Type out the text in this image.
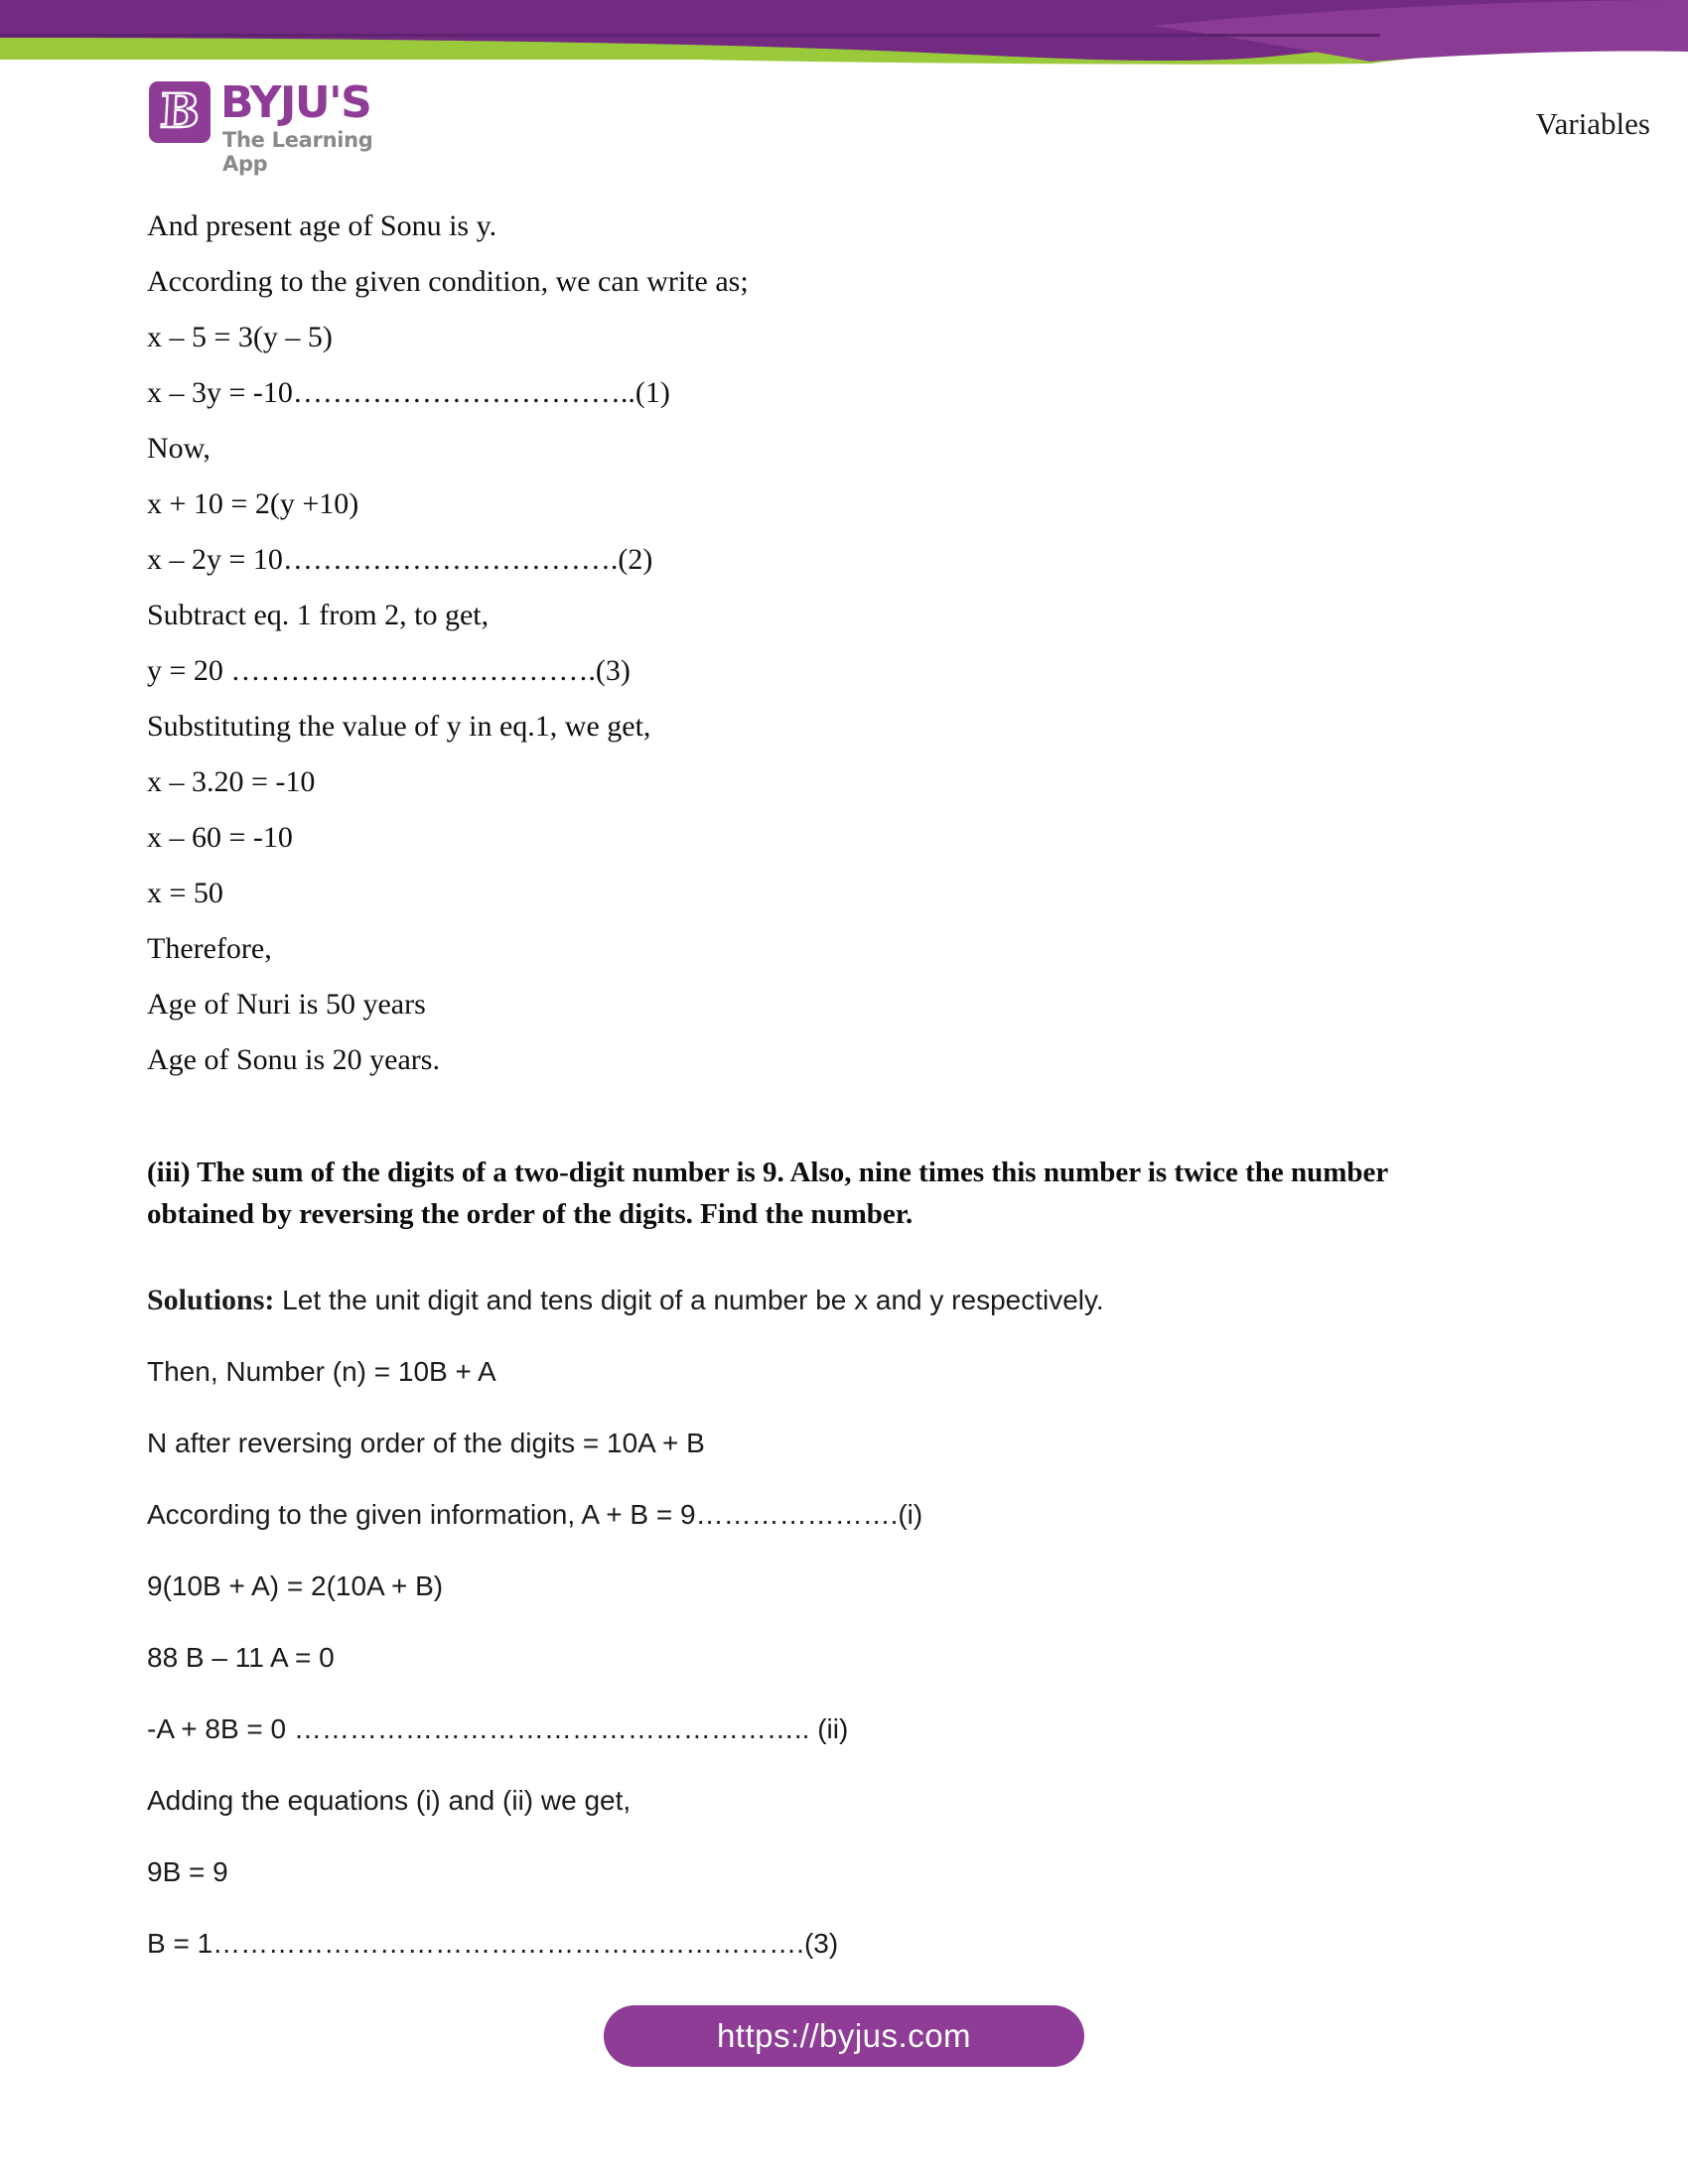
B BYJU'S
The Learning App
Variables
And present age of Sonu is y.
According to the given condition, we can write as;
x – 5 = 3(y – 5)
x – 3y = -10……………………………..(1)
Now,
x + 10 = 2(y +10)
x – 2y = 10…………………………….(2)
Subtract eq. 1 from 2, to get,
y = 20 ……………………………….(3)
Substituting the value of y in eq.1, we get,
x – 3.20 = -10
x – 60 = -10
x = 50
Therefore,
Age of Nuri is 50 years
Age of Sonu is 20 years.
(iii) The sum of the digits of a two-digit number is 9. Also, nine times this number is twice the number obtained by reversing the order of the digits. Find the number.
Solutions: Let the unit digit and tens digit of a number be x and y respectively.
Then, Number (n) = 10B + A
N after reversing order of the digits = 10A + B
According to the given information, A + B = 9………………….(i)
9(10B + A) = 2(10A + B)
88 B – 11 A = 0
-A + 8B = 0 ……………………………………………….. (ii)
Adding the equations (i) and (ii) we get,
9B = 9
B = 1……………………………………………………….(3)
https://byjus.com
